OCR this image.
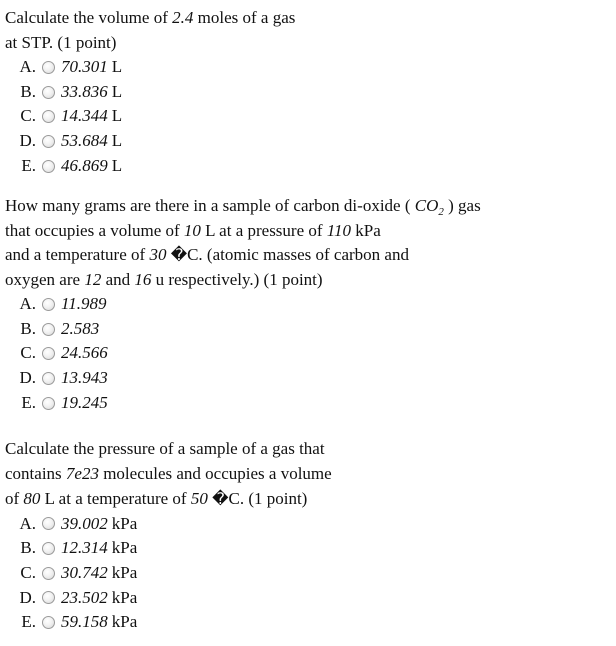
Calculate the volume of 2.4 moles of a gas
at STP. (1 point)
A. 70.301 L
B. 33.836 L
C. 14.344 L
D. 53.684 L
E. 46.869 L
How many grams are there in a sample of carbon di-oxide ( $CO_2$ ) gas
that occupies a volume of 10 L at a pressure of 110 kPa
and a temperature of 30 �C. (atomic masses of carbon and
oxygen are 12 and 16 u respectively.) (1 point)
A. 11.989
B. 2.583
C. 24.566
D. 13.943
E. 19.245
Calculate the pressure of a sample of a gas that
contains 7e23 molecules and occupies a volume
of 80 L at a temperature of 50 �C. (1 point)
A. 39.002 kPa
B. 12.314 kPa
C. 30.742 kPa
D. 23.502 kPa
E. 59.158 kPa
